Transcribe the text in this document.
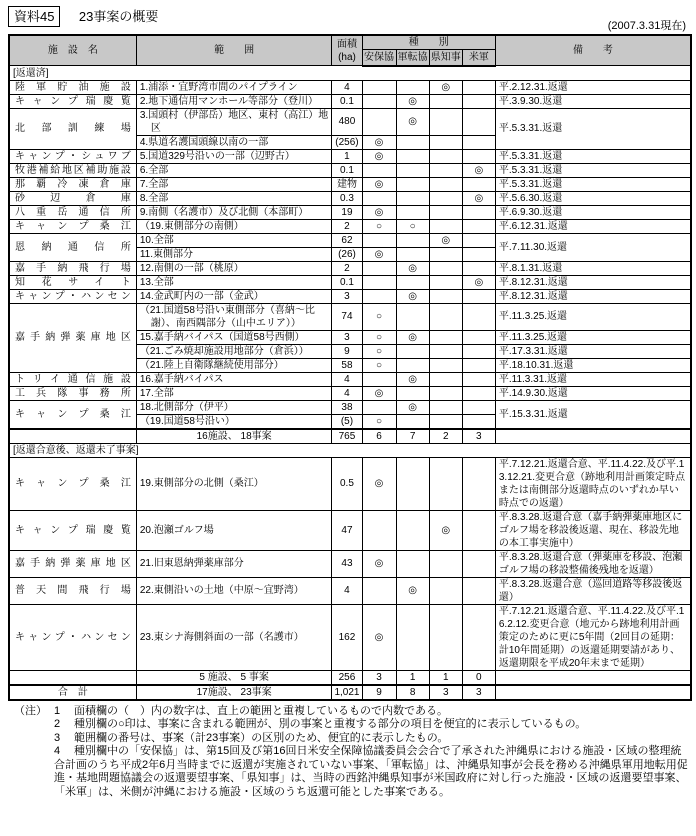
資料45 23事案の概要
(2007.3.31現在)
施　設　名	範　　囲	面積
(ha)	種　　別				備　　考
			安保協	軍転協	県知事	米軍	
[返還済]							
陸軍貯油施設	1.浦添・宜野湾市間のパイプライン	4			◎		平.2.12.31.返還
キャンプ瑞慶覧	2.地下通信用マンホール等部分（登川）	0.1		◎			平.3.9.30.返還
北部訓練場	3.国頭村（伊部岳）地区、東村（高江）地区	480		◎			平.5.3.31.返還
	4.県道名護国頭線以南の一部	(256)	◎				
キャンプ・シュワブ	5.国道329号沿いの一部（辺野古）	1	◎				平.5.3.31.返還
牧港補給地区補助施設	6.全部	0.1				◎	平.5.3.31.返還
那覇冷凍倉庫	7.全部	建物	◎				平.5.3.31.返還
砂辺倉庫	8.全部	0.3				◎	平.5.6.30.返還
八重岳通信所	9.南側（名護市）及び北側（本部町）	19	◎				平.6.9.30.返還
キャンプ桑江	（19.東側部分の南側）	2	○	○			平.6.12.31.返還
恩納通信所	10.全部	62			◎		平.7.11.30.返還
	11.東側部分	(26)	◎				
嘉手納飛行場	12.南側の一部（桃原）	2		◎			平.8.1.31.返還
知花サイト	13.全部	0.1				◎	平.8.12.31.返還
キャンプ・ハンセン	14.金武町内の一部（金武）	3		◎			平.8.12.31.返還
嘉手納弾薬庫地区	（21.国道58号沿い東側部分（喜納〜比謝）、南西隅部分（山中エリア））	74	○				平.11.3.25.返還
	15.嘉手納バイパス（国道58号西側）	3	○	◎			平.11.3.25.返還
	（21.ごみ焼却施設用地部分（倉浜））	9	○				平.17.3.31.返還
	（21.陸上自衛隊継続使用部分）	58	○				平.18.10.31.返還
トリイ通信施設	16.嘉手納バイパス	4		◎			平.11.3.31.返還
工兵隊事務所	17.全部	4	◎				平.14.9.30.返還
キャンプ桑江	18.北側部分（伊平）	38		◎			平.15.3.31.返還
	（19.国道58号沿い）	(5)	○				
	16施設、 18事案	765	6	7	2	3	
[返還合意後、返還未了事案]							
キャンプ桑江	19.東側部分の北側（桑江）	0.5	◎				平.7.12.21.返還合意、平.11.4.22.及び平.13.12.21.変更合意（跡地利用計画策定時点または南側部分返還時点のいずれか早い時点での返還）
キャンプ瑞慶覧	20.泡瀬ゴルフ場	47			◎		平.8.3.28.返還合意（嘉手納弾薬庫地区にゴルフ場を移設後返還、現在、移設先地の本工事実施中）
嘉手納弾薬庫地区	21.旧東恩納弾薬庫部分	43	◎				平.8.3.28.返還合意（弾薬庫を移設、泡瀬ゴルフ場の移設整備後残地を返還）
普天間飛行場	22.東側沿いの土地（中原〜宜野湾）	4		◎			平.8.3.28.返還合意（巡回道路等移設後返還）
キャンプ・ハンセン	23.東シナ海側斜面の一部（名護市）	162	◎				平.7.12.21.返還合意、平.11.4.22.及び平.16.2.12.変更合意（地元から跡地利用計画策定のために更に5年間（2回目の延期：計10年間延期）の返還延期要請があり、返還期限を平成20年末まで延期）
	5 施設、 5 事案	256	3	1	1	0	
合　計	17施設、 23事案	1,021	9	8	3	3	
（注） 1 面積欄の（　）内の数字は、直上の範囲と重複しているもので内数である。
2 種別欄の○印は、事案に含まれる範囲が、別の事案と重複する部分の項目を便宜的に表示しているもの。
3 範囲欄の番号は、事案（計23事案）の区別のため、便宜的に表示したもの。
4 種別欄中の「安保協」は、第15回及び第16回日米安全保障協議委員会会合で了承された沖縄県における施設・区域の整理統合計画のうち平成2年6月当時までに返還が実施されていない事案、「軍転協」は、沖縄県知事が会長を務める沖縄県軍用地転用促進・基地問題協議会の返還要望事案、「県知事」は、当時の西銘沖縄県知事が米国政府に対し行った施設・区域の返還要望事案、「米軍」は、米側が沖縄における施設・区域のうち返還可能とした事案である。
